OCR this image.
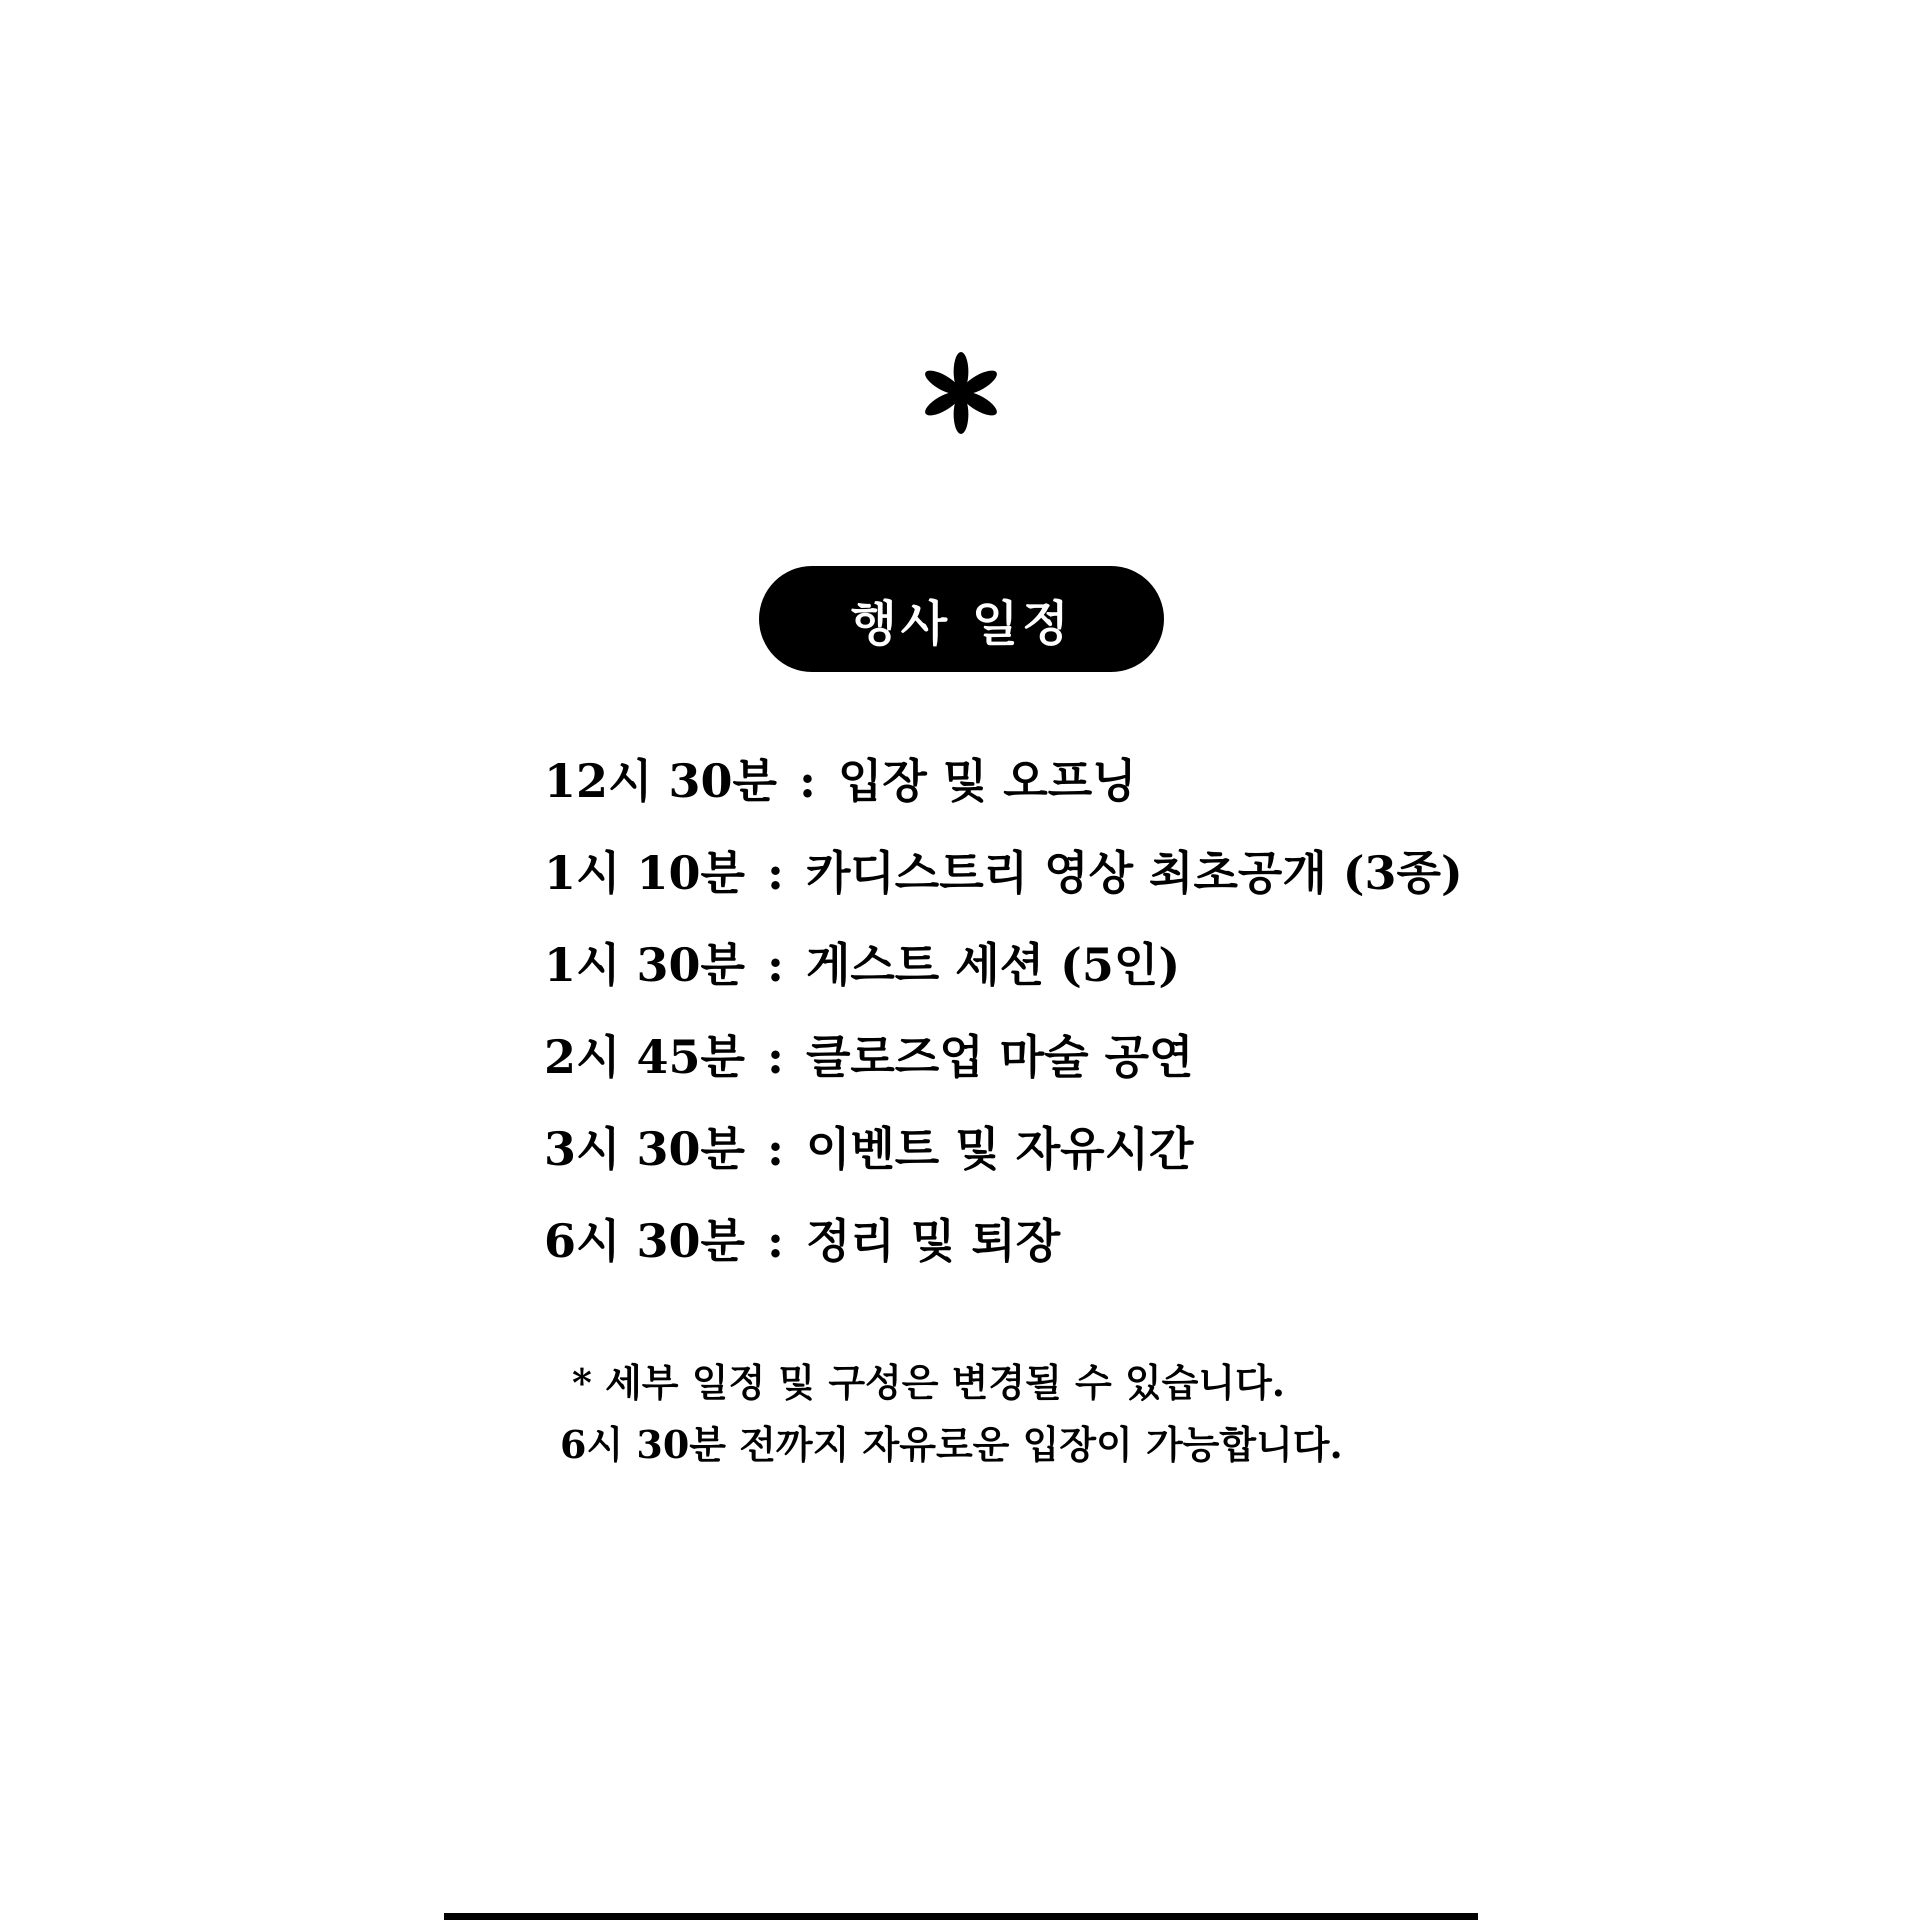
행사 일정
12시 30분 : 입장 및 오프닝
1시 10분 : 카디스트리 영상 최초공개 (3종)
1시 30분 : 게스트 세션 (5인)
2시 45분 : 클로즈업 마술 공연
3시 30분 : 이벤트 및 자유시간
6시 30분 : 정리 및 퇴장
* 세부 일정 및 구성은 변경될 수 있습니다.
6시 30분 전까지 자유로운 입장이 가능합니다.
